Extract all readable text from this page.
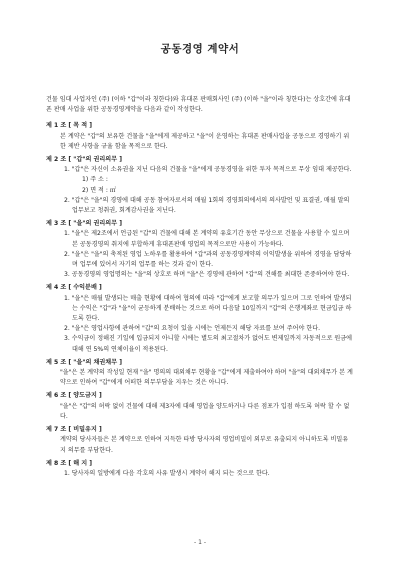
공동경영 계약서
건물 임대 사업자인 (주) (이하 "갑"이라 칭한다)와 휴대폰 판매회사인 (주) (이하 "을"이라 칭한다)는 상호간에 휴대폰 판매 사업을 위한 공동경영계약을 다음과 같이 작성한다.
제 1 조 [ 목 적 ]
본 계약은 "갑"의 보유한 건물을 "을"에게 제공하고 "을"이 운영하는 휴대폰 판매사업을 공동으로 경영하기 위한 제반 사항을 규율 함을 목적으로 한다.
제 2 조 [ "갑"의 권리의무 ]
1. "갑"은 자신이 소유권을 지닌 다음의 건물을 "을"에게 공동경영을 위한 투자 목적으로 무상 임대 제공한다.
1) 주 소 :
2) 면 적 : ㎡
2. "갑"은 "을"의 경영에 대해 공동 참여자로서의 매월 1회의 경영회의에서의 의사발언 및 표결권, 매월 말의 업무보고 청취권, 회계감사권을 지닌다.
제 3 조 [ "을"의 권리의무 ]
1. "을"은 제2조에서 언급된 "갑"의 건물에 대해 본 계약의 유효기간 동안 무상으로 건물을 사용할 수 있으며 본 공동경영의 취지에 부합하게 휴대폰판매 영업의 목적으로만 사용이 가능하다.
2. "을"은 "을"의 축적된 영업 노하우를 활용하여 "갑"과의 공동경영계약의 이익발생을 위하여 경영을 담당하며 업무에 있어서 자기의 업무를 하는 것과 같이 한다.
3. 공동경영의 영업명의는 "을"의 상호로 하며 "을"은 경영에 관하여 "갑"의 견해를 최대한 존중하여야 한다.
제 4 조 [ 수익분배 ]
1. "을"은 매월 발생되는 매출 현황에 대하여 협의에 따라 "갑"에게 보고할 의무가 있으며 그로 인하여 발생되는 수익은 "갑"과 "을"이 균등하게 분배하는 것으로 하며 다음달 10일까지 "갑"의 은행계좌로 현금입금 하도록 한다.
2. "을"은 영업사항에 관하여 "갑"의 요청이 있을 시에는 언제든지 해당 자료를 보여 주어야 한다.
3. 수익금이 정해진 기일에 입금되지 아니할 시에는 별도의 최고절차가 없어도 변제일까지 자동적으로 원금에 대해 연 5%의 연체이율이 적용된다.
제 5 조 [ "을"의 채권채무 ]
"을"은 본 계약의 작성일 현재 "을" 명의의 대외채무 현황을 "갑"에게 제출하여야 하며 "을"의 대외채무가 본 계약으로 인하여 "갑"에게 어떠한 의무부담을 지우는 것은 아니다.
제 6 조 [ 양도금지 ]
"을"은 "갑"의 허락 없이 건물에 대해 제3자에 대해 영업을 양도하거나 다른 점포가 입점 하도록 허락 할 수 없다.
제 7 조 [ 비밀유지 ]
계약의 당사자들은 본 계약으로 인하여 지득한 타방 당사자의 영업비밀이 외부로 유출되지 아니하도록 비밀유지 의무를 부담한다.
제 8 조 [ 해 지 ]
1. 당사자의 일방에게 다음 각호의 사유 발생시 계약이 해지 되는 것으로 한다.
- 1 -
